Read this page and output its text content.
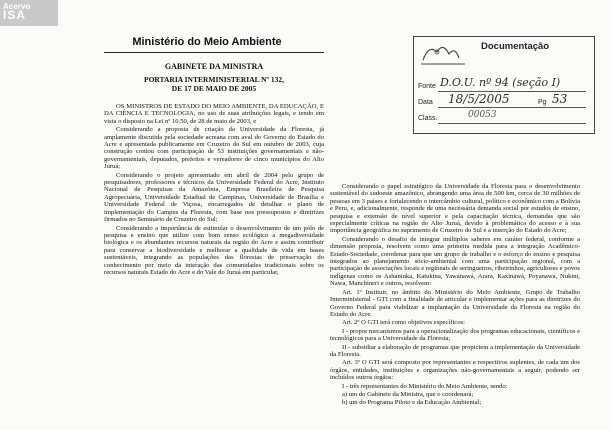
Acervo
ISA
Ministério do Meio Ambiente
GABINETE DA MINISTRA
PORTARIA INTERMINISTERIAL Nº 132,
DE 17 DE MAIO DE 2005

OS MINISTROS DE ESTADO DO MEIO AMBIENTE, DA EDUCAÇÃO, E DA CIÊNCIA E TECNOLOGIA, no uso de suas atribuições legais, e tendo em vista o disposto na Lei nº 10.50, de 28 de maio de 2003, e

Considerando a proposta de criação da Universidade da Floresta, já amplamente discutida pela sociedade acreana com aval do Governo do Estado do Acre e apresentada publicamente em Cruzeiro do Sul em outubro de 2003, cuja construção contou com participação de 53 instituições governamentais e não-governamentais, deputados, prefeitos e vereadores de cinco municípios do Alto Juruá;

Considerando o projeto apresentado em abril de 2004 pelo grupo de pesquisadores, professores e técnicos da Universidade Federal do Acre, Instituto Nacional de Pesquisas da Amazônia, Empresa Brasileira de Pesquisa Agropecuária, Universidade Estadual de Campinas, Universidade de Brasília e Universidade Federal de Viçosa, encarregados de detalhar o plano de implementação do Campus da Floresta, com base nos pressupostos e diretrizes firmados no Seminário de Cruzeiro do Sul;

Considerando a importância de estimular o desenvolvimento de um pólo de pesquisa e ensino que utilize com bom senso ecológico a megadiversidade biológica e os abundantes recursos naturais da região do Acre e assim contribuir para conservar a biodiversidade e melhorar a qualidade de vida em bases sustentáveis, integrando as populações das florestas de preservação do conhecimento por meio da interação das comunidades tradicionais sobre os recursos naturais Estado do Acre e do Vale do Juruá em particular,

Documentação
Fonte D.O.U. nº 94 (seção I)
Data 18/5/2005	Pg 53
Class.	00053

Considerando o papel estratégico da Universidade da Floresta para o desenvolvimento sustentável do sudoeste amazônico, abrangendo uma área de 500 km, cerca de 30 milhões de pessoas em 3 países e fortalecendo o intercâmbio cultural, político e econômico com a Bolívia e Peru, e, adicionalmente, responde de uma necessária demanda social por estudos de ensino, pesquisa e extensão de nível superior e pela capacitação técnica, demandas que são especialmente críticas na região do Alto Juruá, devido à problemática do acesso e à sua importância geográfica no suprimento de Cruzeiro do Sul e a inserção do Estado do Acre;

Considerando o desafio de integrar múltiplos saberes em caráter federal, conforme a dimensão proposta, resolvem como uma primeira medida para a integração Acadêmico-Estado-Sociedade, coordenar para que um grupo de trabalho e o esforço do ensino e pesquisa integrados ao planejamento sócio-ambiental com uma participação regional, com a participação de associações locais e regionais de seringueiros, ribeirinhos, agricultores e povos indígenas como os Ashaninka, Katukina, Yawanawá, Arara, Kaxinawá, Poyanawa, Nukini, Nawa, Manchineri e outros, resolvem:

Art. 1º Instituir, no âmbito do Ministério do Meio Ambiente, Grupo de Trabalho Interministerial - GTI com a finalidade de articular e implementar ações para as diretrizes do Governo Federal para viabilizar a implantação da Universidade da Floresta na região do Estado do Acre.

Art. 2º O GTI terá como objetivos específicos:

I - propor mecanismos para a operacionalização dos programas educacionais, científicos e tecnológicos para a Universidade da Floresta;

II - subsidiar a elaboração de programas que propiciem a implementação da Universidade da Floresta.

Art. 3º O GTI será composto por representantes e respectivos suplentes, de cada um dos órgãos, entidades, instituições e organizações não-governamentais a seguir, podendo ser incluídos outros órgãos:

I - três representantes do Ministério do Meio Ambiente, sendo:

a) um do Gabinete da Ministra, que o coordenará;

b) um do Programa Piloto e da Educação Ambiental;
